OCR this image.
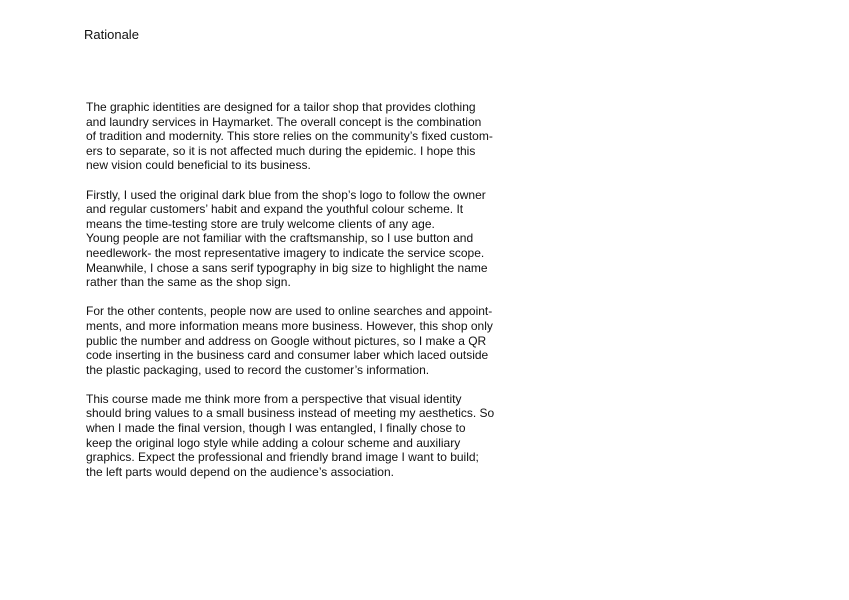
Rationale

The graphic identities are designed for a tailor shop that provides clothing
and laundry services in Haymarket. The overall concept is the combination
of tradition and modernity. This store relies on the community’s fixed custom-
ers to separate, so it is not affected much during the epidemic. I hope this
new vision could beneficial to its business.

Firstly, I used the original dark blue from the shop’s logo to follow the owner
and regular customers’ habit and expand the youthful colour scheme. It
means the time-testing store are truly welcome clients of any age.
Young people are not familiar with the craftsmanship, so I use button and
needlework- the most representative imagery to indicate the service scope.
Meanwhile, I chose a sans serif typography in big size to highlight the name
rather than the same as the shop sign.

For the other contents, people now are used to online searches and appoint-
ments, and more information means more business. However, this shop only
public the number and address on Google without pictures, so I make a QR
code inserting in the business card and consumer laber which laced outside
the plastic packaging, used to record the customer’s information.

This course made me think more from a perspective that visual identity
should bring values to a small business instead of meeting my aesthetics. So
when I made the final version, though I was entangled, I finally chose to
keep the original logo style while adding a colour scheme and auxiliary
graphics. Expect the professional and friendly brand image I want to build;
the left parts would depend on the audience’s association.
